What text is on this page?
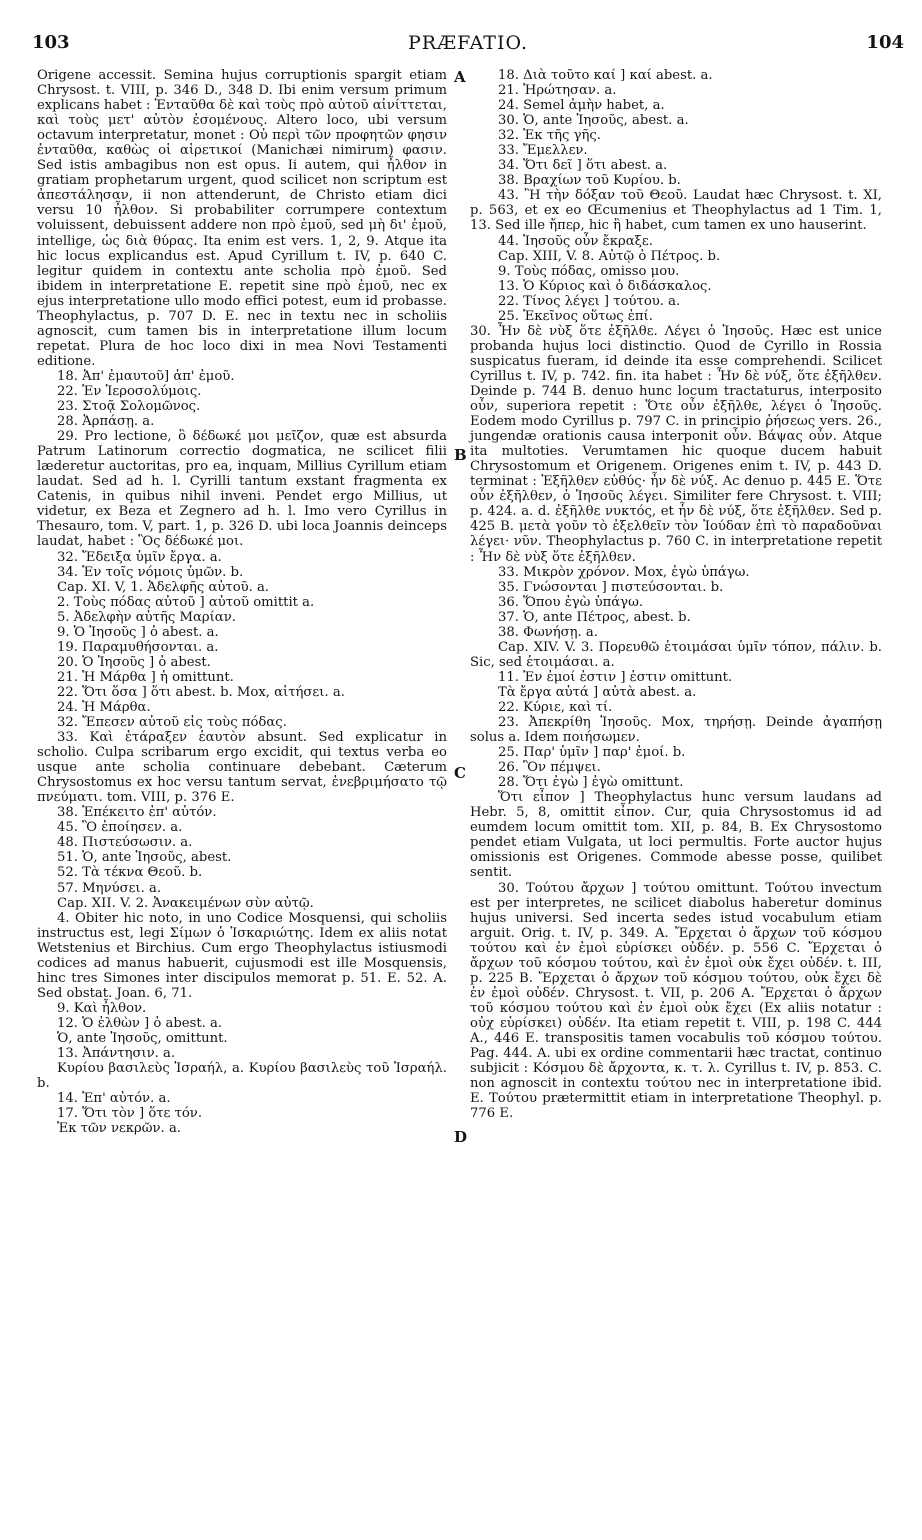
103	PRÆFATIO.	104

Origene accessit. Semina hujus corruptionis spargit etiam Chrysost. t. VIII, p. 346 D., 348 D. Ibi enim versum primum explicans habet : Ἐνταῦθα δὲ καὶ τοὺς πρὸ αὐτοῦ αἰνίττεται, καὶ τοὺς μετ' αὐτὸν ἐσομένους. Altero loco, ubi versum octavum interpretatur, monet : Οὐ περὶ τῶν προφητῶν φησιν ἐνταῦθα, καθὼς οἱ αἱρετικοί (Manichæi nimirum) φασιν. Sed istis ambagibus non est opus. Ii autem, qui ἦλθον in gratiam prophetarum urgent, quod scilicet non scriptum est ἀπεστάλησαν, ii non attenderunt, de Christo etiam dici versu 10 ἦλθον. Si probabiliter corrumpere contextum voluissent, debuissent addere non πρὸ ἐμοῦ, sed μὴ δι' ἐμοῦ, intellige, ὡς διὰ θύρας. Ita enim est vers. 1, 2, 9. Atque ita hic locus explicandus est. Apud Cyrillum t. IV, p. 640 C. legitur quidem in contextu ante scholia πρὸ ἐμοῦ. Sed ibidem in interpretatione E. repetit sine πρὸ ἐμοῦ, nec ex ejus interpretatione ullo modo effici potest, eum id probasse. Theophylactus, p. 707 D. E. nec in textu nec in scholiis agnoscit, cum tamen bis in interpretatione illum locum repetat. Plura de hoc loco dixi in mea Novi Testamenti editione.

18. Ἀπ' ἐμαυτοῦ] ἀπ' ἐμοῦ.

22. Ἐν Ἱεροσολύμοις.

23. Στοᾷ Σολομῶνος.

28. Ἁρπάσῃ. a.

29. Pro lectione, ὃ δέδωκέ μοι μεῖζον, quæ est absurda Patrum Latinorum correctio dogmatica, ne scilicet filii læderetur auctoritas, pro ea, inquam, Millius Cyrillum etiam laudat. Sed ad h. l. Cyrilli tantum exstant fragmenta ex Catenis, in quibus nihil inveni. Pendet ergo Millius, ut videtur, ex Beza et Zegnero ad h. l. Imo vero Cyrillus in Thesauro, tom. V, part. 1, p. 326 D. ubi loca Joannis deinceps laudat, habet : Ὃς δέδωκέ μοι.

32. Ἔδειξα ὑμῖν ἔργα. a.

34. Ἐν τοῖς νόμοις ὑμῶν. b.

Cap. XI. V, 1. Ἀδελφῆς αὐτοῦ. a.

2. Τοὺς πόδας αὐτοῦ ] αὐτοῦ omittit a.

5. Ἀδελφὴν αὐτῆς Μαρίαν.

9. Ὁ Ἰησοῦς ] ὁ abest. a.

19. Παραμυθήσονται. a.

20. Ὁ Ἰησοῦς ] ὁ abest.

21. Ἡ Μάρθα ] ἡ omittunt.

22. Ὅτι ὅσα ] ὅτι abest. b. Mox, αἰτήσει. a.

24. Ἡ Μάρθα.

32. Ἔπεσεν αὐτοῦ εἰς τοὺς πόδας.

33. Καὶ ἐτάραξεν ἑαυτὸν absunt. Sed explicatur in scholio. Culpa scribarum ergo excidit, qui textus verba eo usque ante scholia continuare debebant. Cæterum Chrysostomus ex hoc versu tantum servat, ἐνεβριμήσατο τῷ πνεύματι. tom. VIII, p. 376 E.

38. Ἐπέκειτο ἐπ' αὐτόν.

45. Ὃ ἐποίησεν. a.

48. Πιστεύσωσιν. a.

51. Ὁ, ante Ἰησοῦς, abest.

52. Τὰ τέκνα Θεοῦ. b.

57. Μηνύσει. a.

Cap. XII. V. 2. Ἀνακειμένων σὺν αὐτῷ.

4. Obiter hic noto, in uno Codice Mosquensi, qui scholiis instructus est, legi Σίμων ὁ Ἰσκαριώτης. Idem ex aliis notat Wetstenius et Birchius. Cum ergo Theophylactus istiusmodi codices ad manus habuerit, cujusmodi est ille Mosquensis, hinc tres Simones inter discipulos memorat p. 51. E. 52. A. Sed obstat. Joan. 6, 71.

9. Καὶ ἦλθον.

12. Ὁ ἐλθὼν ] ὁ abest. a.

Ὁ, ante Ἰησοῦς, omittunt.

13. Ἀπάντησιν. a.

Κυρίου βασιλεὺς Ἰσραήλ, a. Κυρίου βασιλεὺς τοῦ Ἰσραήλ. b.

14. Ἐπ' αὐτόν. a.

17. Ὅτι τὸν ] ὅτε τόν.

Ἐκ τῶν νεκρῶν. a.

A
B
C
D

18. Διὰ τοῦτο καί ] καί abest. a.

21. Ἠρώτησαν. a.

24. Semel ἀμὴν habet, a.

30. Ὁ, ante Ἰησοῦς, abest. a.

32. Ἐκ τῆς γῆς.

33. Ἔμελλεν.

34. Ὅτι δεῖ ] ὅτι abest. a.

38. Βραχίων τοῦ Κυρίου. b.

43. Ἢ τὴν δόξαν τοῦ Θεοῦ. Laudat hæc Chrysost. t. XI, p. 563, et ex eo Œcumenius et Theophylactus ad 1 Tim. 1, 13. Sed ille ἤπερ, hic ἢ habet, cum tamen ex uno hauserint.

44. Ἰησοῦς οὖν ἔκραξε.

Cap. XIII, V. 8. Αὐτῷ ὁ Πέτρος. b.

9. Τοὺς πόδας, omisso μου.

13. Ὁ Κύριος καὶ ὁ διδάσκαλος.

22. Τίνος λέγει ] τούτου. a.

25. Ἐκεῖνος οὕτως ἐπί.

30. Ἦν δὲ νὺξ ὅτε ἐξῆλθε. Λέγει ὁ Ἰησοῦς. Hæc est unice probanda hujus loci distinctio. Quod de Cyrillo in Rossia suspicatus fueram, id deinde ita esse comprehendi. Scilicet Cyrillus t. IV, p. 742. fin. ita habet : Ἦν δὲ νύξ, ὅτε ἐξῆλθεν. Deinde p. 744 B. denuo hunc locum tractaturus, interposito οὖν, superiora repetit : Ὅτε οὖν ἐξῆλθε, λέγει ὁ Ἰησοῦς. Eodem modo Cyrillus p. 797 C. in principio ῥήσεως vers. 26., jungendæ orationis causa interponit οὖν. Βάψας οὖν. Atque ita multoties. Verumtamen hic quoque ducem habuit Chrysostomum et Origenem. Origenes enim t. IV, p. 443 D. terminat : Ἐξῆλθεν εὐθύς· ἦν δὲ νύξ. Ac denuo p. 445 E. Ὅτε οὖν ἐξῆλθεν, ὁ Ἰησοῦς λέγει. Similiter fere Chrysost. t. VIII; p. 424. a. d. ἐξῆλθε νυκτός, et ἦν δὲ νύξ, ὅτε ἐξῆλθεν. Sed p. 425 B. μετὰ γοῦν τὸ ἐξελθεῖν τὸν Ἰούδαν ἐπὶ τὸ παραδοῦναι λέγει· νῦν. Theophylactus p. 760 C. in interpretatione repetit : Ἦν δὲ νὺξ ὅτε ἐξῆλθεν.

33. Μικρὸν χρόνον. Mox, ἐγὼ ὑπάγω.

35. Γνώσονται ] πιστεύσονται. b.

36. Ὅπου ἐγὼ ὑπάγω.

37. Ὁ, ante Πέτρος, abest. b.

38. Φωνήσῃ. a.

Cap. XIV. V. 3. Πορευθῶ ἑτοιμάσαι ὑμῖν τόπον, πάλιν. b. Sic, sed ἑτοιμάσαι. a.

11. Ἐν ἐμοί ἐστιν ] ἐστιν omittunt.

Τὰ ἔργα αὐτά ] αὐτὰ abest. a.

22. Κύριε, καὶ τί.

23. Ἀπεκρίθη Ἰησοῦς. Mox, τηρήσῃ. Deinde ἀγαπήσῃ solus a. Idem ποιήσωμεν.

25. Παρ' ὑμῖν ] παρ' ἐμοί. b.

26. Ὃν πέμψει.

28. Ὅτι ἐγὼ ] ἐγὼ omittunt.

Ὅτι εἶπον ] Theophylactus hunc versum laudans ad Hebr. 5, 8, omittit εἶπον. Cur, quia Chrysostomus id ad eumdem locum omittit tom. XII, p. 84, B. Ex Chrysostomo pendet etiam Vulgata, ut loci permultis. Forte auctor hujus omissionis est Origenes. Commode abesse posse, quilibet sentit.

30. Τούτου ἄρχων ] τούτου omittunt. Τούτου invectum est per interpretes, ne scilicet diabolus haberetur dominus hujus universi. Sed incerta sedes istud vocabulum etiam arguit. Orig. t. IV, p. 349. A. Ἔρχεται ὁ ἄρχων τοῦ κόσμου τούτου καὶ ἐν ἐμοὶ εὑρίσκει οὐδέν. p. 556 C. Ἔρχεται ὁ ἄρχων τοῦ κόσμου τούτου, καὶ ἐν ἐμοὶ οὐκ ἔχει οὐδέν. t. III, p. 225 B. Ἔρχεται ὁ ἄρχων τοῦ κόσμου τούτου, οὐκ ἔχει δὲ ἐν ἐμοὶ οὐδέν. Chrysost. t. VII, p. 206 A. Ἔρχεται ὁ ἄρχων τοῦ κόσμου τούτου καὶ ἐν ἐμοὶ οὐκ ἔχει (Ex aliis notatur : οὐχ εὑρίσκει) οὐδέν. Ita etiam repetit t. VIII, p. 198 C. 444 A., 446 E. transpositis tamen vocabulis τοῦ κόσμου τούτου. Pag. 444. A. ubi ex ordine commentarii hæc tractat, continuo subjicit : Κόσμου δὲ ἄρχοντα, κ. τ. λ. Cyrillus t. IV, p. 853. C. non agnoscit in contextu τούτου nec in interpretatione ibid. E. Τούτου prætermittit etiam in interpretatione Theophyl. p. 776 E.
